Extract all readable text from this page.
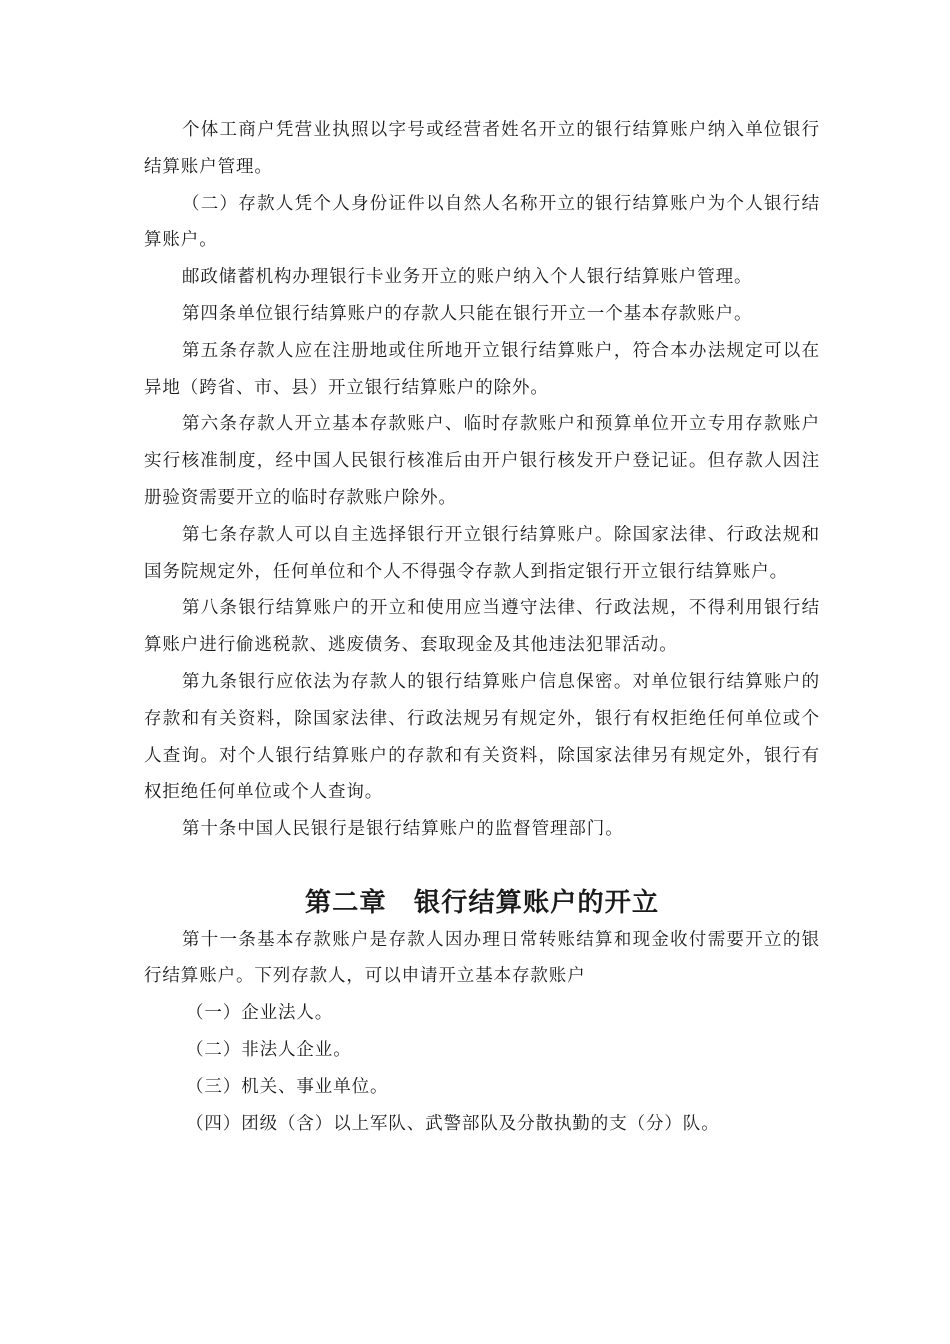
个体工商户凭营业执照以字号或经营者姓名开立的银行结算账户纳入单位银行结算账户管理。

（二）存款人凭个人身份证件以自然人名称开立的银行结算账户为个人银行结算账户。

邮政储蓄机构办理银行卡业务开立的账户纳入个人银行结算账户管理。

第四条单位银行结算账户的存款人只能在银行开立一个基本存款账户。

第五条存款人应在注册地或住所地开立银行结算账户，符合本办法规定可以在异地（跨省、市、县）开立银行结算账户的除外。

第六条存款人开立基本存款账户、临时存款账户和预算单位开立专用存款账户实行核准制度，经中国人民银行核准后由开户银行核发开户登记证。但存款人因注册验资需要开立的临时存款账户除外。

第七条存款人可以自主选择银行开立银行结算账户。除国家法律、行政法规和国务院规定外，任何单位和个人不得强令存款人到指定银行开立银行结算账户。

第八条银行结算账户的开立和使用应当遵守法律、行政法规，不得利用银行结算账户进行偷逃税款、逃废债务、套取现金及其他违法犯罪活动。

第九条银行应依法为存款人的银行结算账户信息保密。对单位银行结算账户的存款和有关资料，除国家法律、行政法规另有规定外，银行有权拒绝任何单位或个人查询。对个人银行结算账户的存款和有关资料，除国家法律另有规定外，银行有权拒绝任何单位或个人查询。

第十条中国人民银行是银行结算账户的监督管理部门。

第二章　银行结算账户的开立

第十一条基本存款账户是存款人因办理日常转账结算和现金收付需要开立的银行结算账户。下列存款人，可以申请开立基本存款账户

（一）企业法人。

（二）非法人企业。

（三）机关、事业单位。

（四）团级（含）以上军队、武警部队及分散执勤的支（分）队。
